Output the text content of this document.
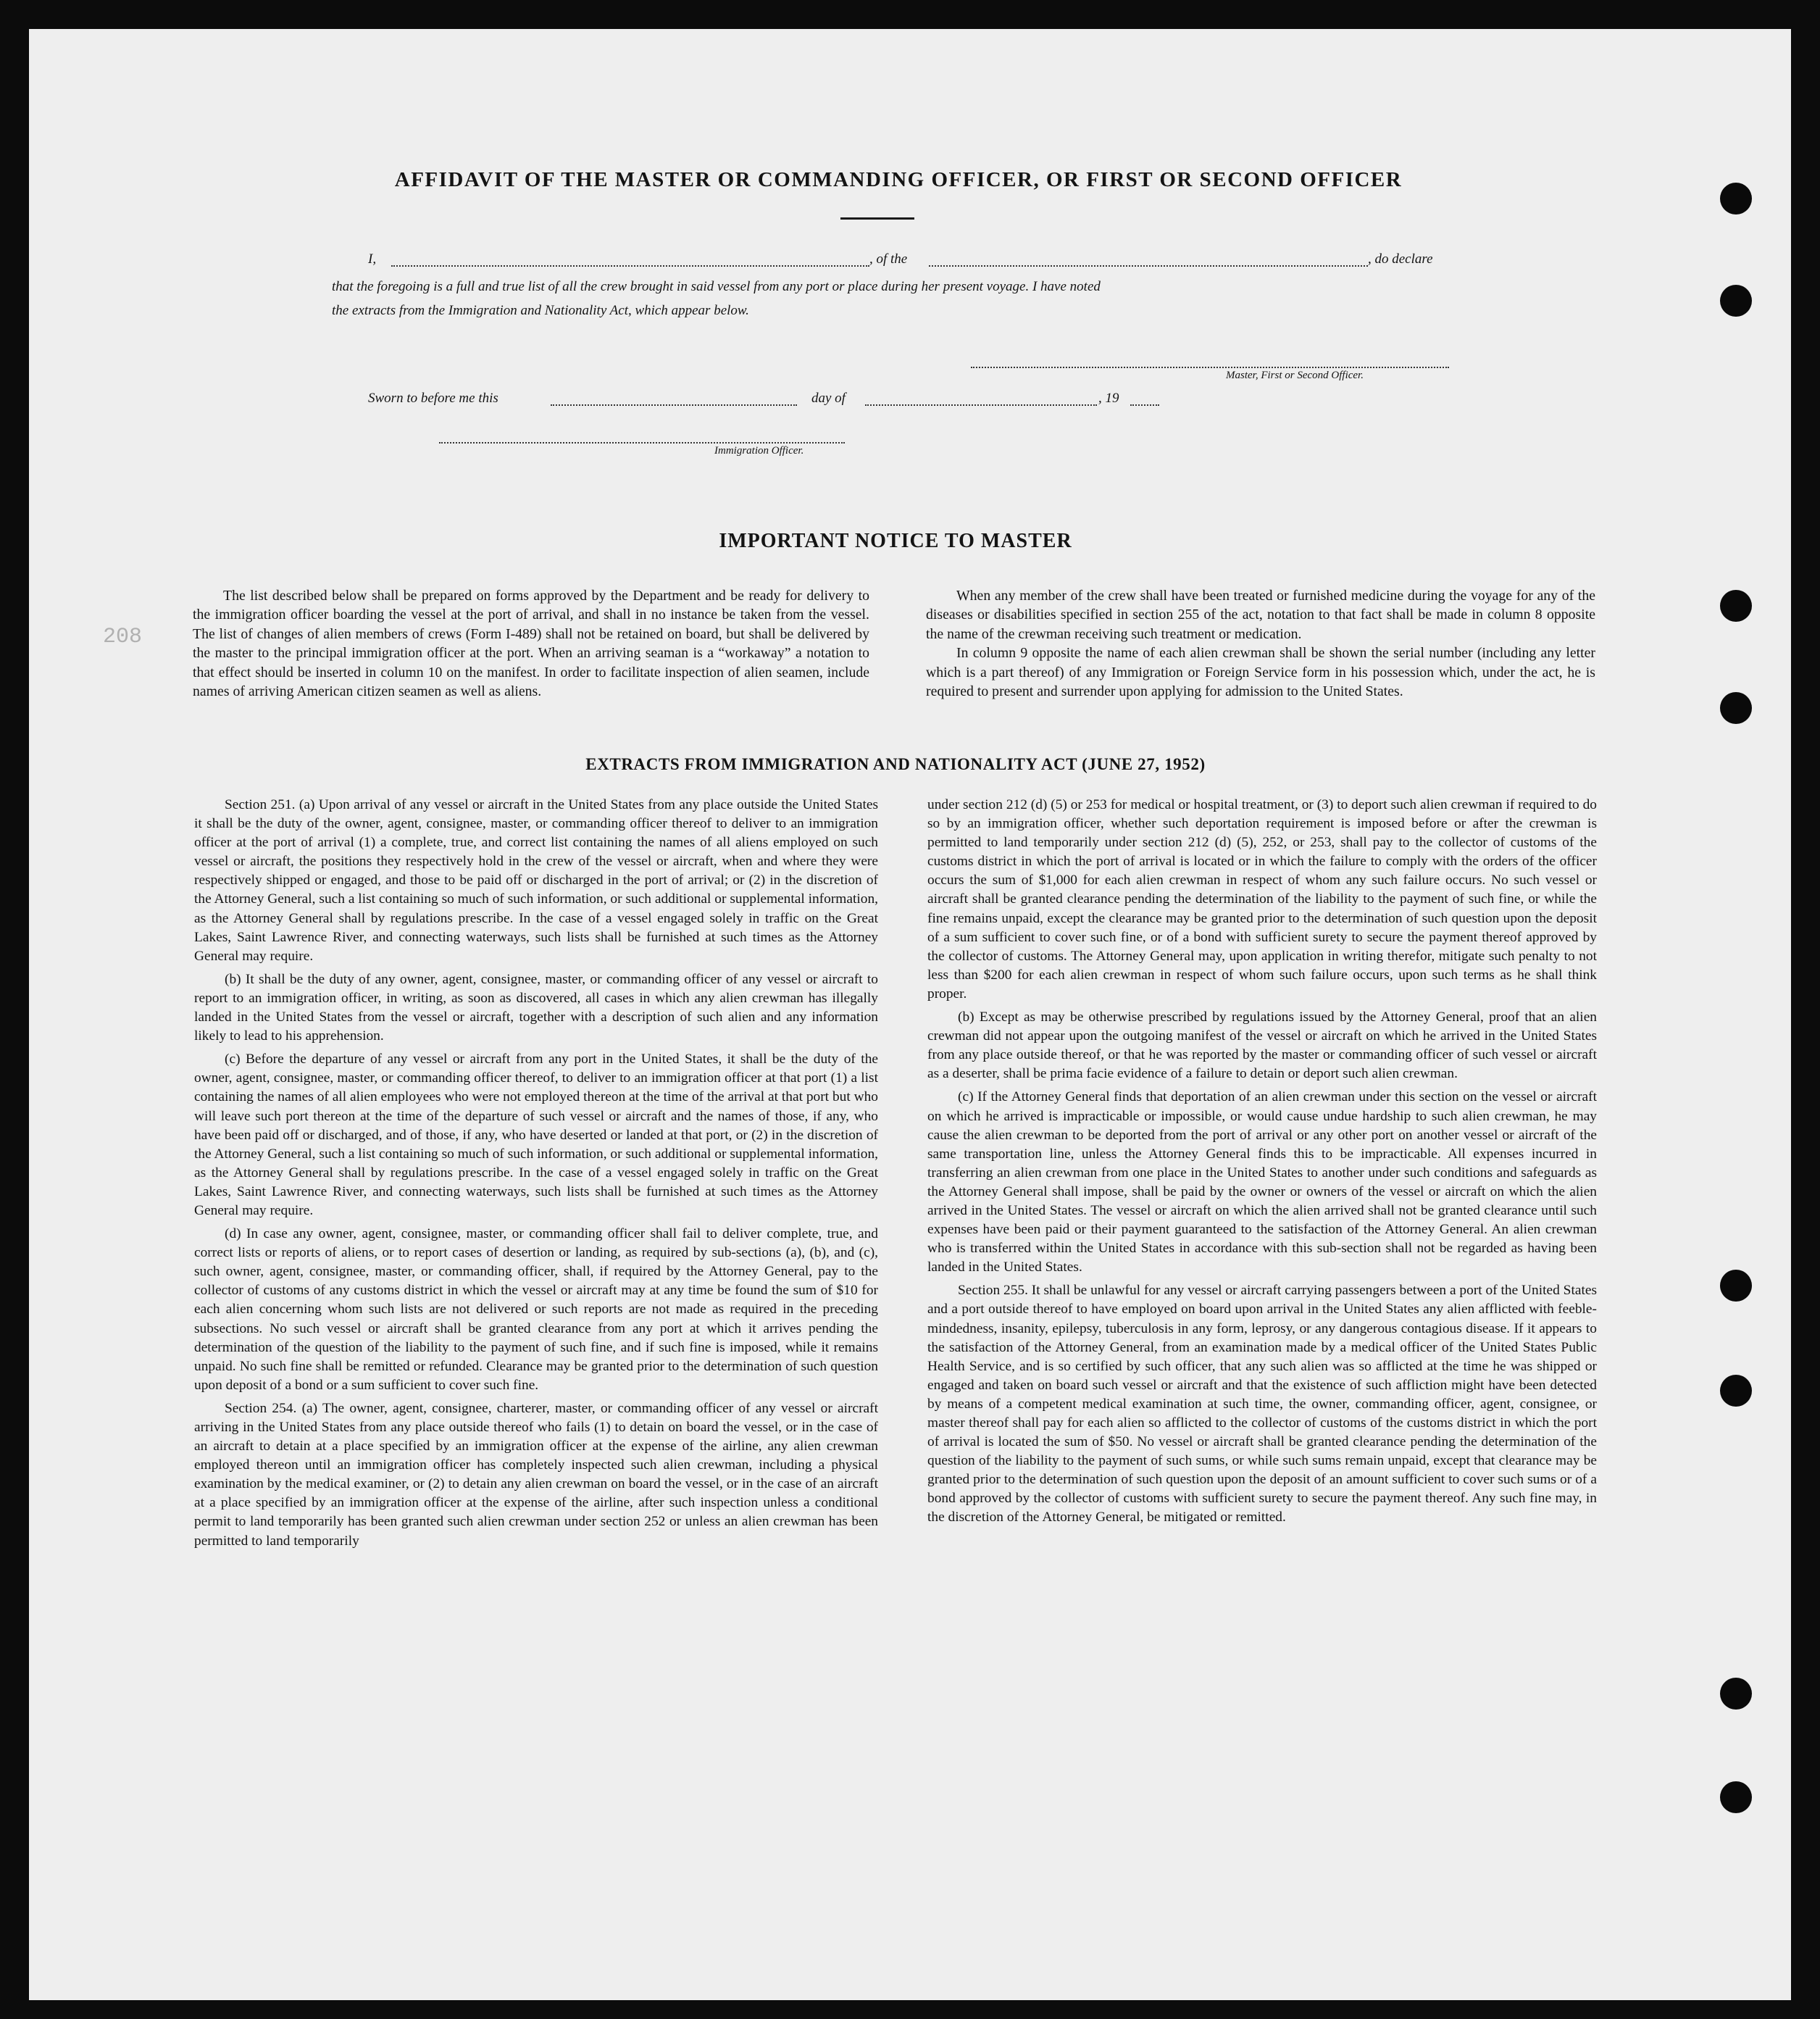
208
AFFIDAVIT OF THE MASTER OR COMMANDING OFFICER, OR FIRST OR SECOND OFFICER
I,	, of the	, do declare
that the foregoing is a full and true list of all the crew brought in said vessel from any port or place during her present voyage. I have noted
the extracts from the Immigration and Nationality Act, which appear below.
Master, First or Second Officer.
Sworn to before me this	day of	, 19
Immigration Officer.
IMPORTANT NOTICE TO MASTER

The list described below shall be prepared on forms approved by the Department and be ready for delivery to the immigration officer boarding the vessel at the port of arrival, and shall in no instance be taken from the vessel. The list of changes of alien members of crews (Form I-489) shall not be retained on board, but shall be delivered by the master to the principal immigration officer at the port. When an arriving seaman is a “workaway” a notation to that effect should be inserted in column 10 on the manifest. In order to facilitate inspection of alien seamen, include names of arriving American citizen seamen as well as aliens.

When any member of the crew shall have been treated or furnished medicine during the voyage for any of the diseases or disabilities specified in section 255 of the act, notation to that fact shall be made in column 8 opposite the name of the crewman receiving such treatment or medication.

In column 9 opposite the name of each alien crewman shall be shown the serial number (including any letter which is a part thereof) of any Immigration or Foreign Service form in his possession which, under the act, he is required to present and surrender upon applying for admission to the United States.

EXTRACTS FROM IMMIGRATION AND NATIONALITY ACT (JUNE 27, 1952)

Section 251. (a) Upon arrival of any vessel or aircraft in the United States from any place outside the United States it shall be the duty of the owner, agent, consignee, master, or commanding officer thereof to deliver to an immigration officer at the port of arrival (1) a complete, true, and correct list containing the names of all aliens employed on such vessel or aircraft, the positions they respectively hold in the crew of the vessel or aircraft, when and where they were respectively shipped or engaged, and those to be paid off or discharged in the port of arrival; or (2) in the discretion of the Attorney General, such a list containing so much of such information, or such additional or supplemental information, as the Attorney General shall by regulations prescribe. In the case of a vessel engaged solely in traffic on the Great Lakes, Saint Lawrence River, and connecting waterways, such lists shall be furnished at such times as the Attorney General may require.

(b) It shall be the duty of any owner, agent, consignee, master, or commanding officer of any vessel or aircraft to report to an immigration officer, in writing, as soon as discovered, all cases in which any alien crewman has illegally landed in the United States from the vessel or aircraft, together with a description of such alien and any information likely to lead to his apprehension.

(c) Before the departure of any vessel or aircraft from any port in the United States, it shall be the duty of the owner, agent, consignee, master, or commanding officer thereof, to deliver to an immigration officer at that port (1) a list containing the names of all alien employees who were not employed thereon at the time of the arrival at that port but who will leave such port thereon at the time of the departure of such vessel or aircraft and the names of those, if any, who have been paid off or discharged, and of those, if any, who have deserted or landed at that port, or (2) in the discretion of the Attorney General, such a list containing so much of such information, or such additional or supplemental information, as the Attorney General shall by regulations prescribe. In the case of a vessel engaged solely in traffic on the Great Lakes, Saint Lawrence River, and connecting waterways, such lists shall be furnished at such times as the Attorney General may require.

(d) In case any owner, agent, consignee, master, or commanding officer shall fail to deliver complete, true, and correct lists or reports of aliens, or to report cases of desertion or landing, as required by sub-sections (a), (b), and (c), such owner, agent, consignee, master, or commanding officer, shall, if required by the Attorney General, pay to the collector of customs of any customs district in which the vessel or aircraft may at any time be found the sum of $10 for each alien concerning whom such lists are not delivered or such reports are not made as required in the preceding subsections. No such vessel or aircraft shall be granted clearance from any port at which it arrives pending the determination of the question of the liability to the payment of such fine, and if such fine is imposed, while it remains unpaid. No such fine shall be remitted or refunded. Clearance may be granted prior to the determination of such question upon deposit of a bond or a sum sufficient to cover such fine.

Section 254. (a) The owner, agent, consignee, charterer, master, or commanding officer of any vessel or aircraft arriving in the United States from any place outside thereof who fails (1) to detain on board the vessel, or in the case of an aircraft to detain at a place specified by an immigration officer at the expense of the airline, any alien crewman employed thereon until an immigration officer has completely inspected such alien crewman, including a physical examination by the medical examiner, or (2) to detain any alien crewman on board the vessel, or in the case of an aircraft at a place specified by an immigration officer at the expense of the airline, after such inspection unless a conditional permit to land temporarily has been granted such alien crewman under section 252 or unless an alien crewman has been permitted to land temporarily

under section 212 (d) (5) or 253 for medical or hospital treatment, or (3) to deport such alien crewman if required to do so by an immigration officer, whether such deportation requirement is imposed before or after the crewman is permitted to land temporarily under section 212 (d) (5), 252, or 253, shall pay to the collector of customs of the customs district in which the port of arrival is located or in which the failure to comply with the orders of the officer occurs the sum of $1,000 for each alien crewman in respect of whom any such failure occurs. No such vessel or aircraft shall be granted clearance pending the determination of the liability to the payment of such fine, or while the fine remains unpaid, except the clearance may be granted prior to the determination of such question upon the deposit of a sum sufficient to cover such fine, or of a bond with sufficient surety to secure the payment thereof approved by the collector of customs. The Attorney General may, upon application in writing therefor, mitigate such penalty to not less than $200 for each alien crewman in respect of whom such failure occurs, upon such terms as he shall think proper.

(b) Except as may be otherwise prescribed by regulations issued by the Attorney General, proof that an alien crewman did not appear upon the outgoing manifest of the vessel or aircraft on which he arrived in the United States from any place outside thereof, or that he was reported by the master or commanding officer of such vessel or aircraft as a deserter, shall be prima facie evidence of a failure to detain or deport such alien crewman.

(c) If the Attorney General finds that deportation of an alien crewman under this section on the vessel or aircraft on which he arrived is impracticable or impossible, or would cause undue hardship to such alien crewman, he may cause the alien crewman to be deported from the port of arrival or any other port on another vessel or aircraft of the same transportation line, unless the Attorney General finds this to be impracticable. All expenses incurred in transferring an alien crewman from one place in the United States to another under such conditions and safeguards as the Attorney General shall impose, shall be paid by the owner or owners of the vessel or aircraft on which the alien arrived in the United States. The vessel or aircraft on which the alien arrived shall not be granted clearance until such expenses have been paid or their payment guaranteed to the satisfaction of the Attorney General. An alien crewman who is transferred within the United States in accordance with this sub-section shall not be regarded as having been landed in the United States.

Section 255. It shall be unlawful for any vessel or aircraft carrying passengers between a port of the United States and a port outside thereof to have employed on board upon arrival in the United States any alien afflicted with feeble-mindedness, insanity, epilepsy, tuberculosis in any form, leprosy, or any dangerous contagious disease. If it appears to the satisfaction of the Attorney General, from an examination made by a medical officer of the United States Public Health Service, and is so certified by such officer, that any such alien was so afflicted at the time he was shipped or engaged and taken on board such vessel or aircraft and that the existence of such affliction might have been detected by means of a competent medical examination at such time, the owner, commanding officer, agent, consignee, or master thereof shall pay for each alien so afflicted to the collector of customs of the customs district in which the port of arrival is located the sum of $50. No vessel or aircraft shall be granted clearance pending the determination of the question of the liability to the payment of such sums, or while such sums remain unpaid, except that clearance may be granted prior to the determination of such question upon the deposit of an amount sufficient to cover such sums or of a bond approved by the collector of customs with sufficient surety to secure the payment thereof. Any such fine may, in the discretion of the Attorney General, be mitigated or remitted.
